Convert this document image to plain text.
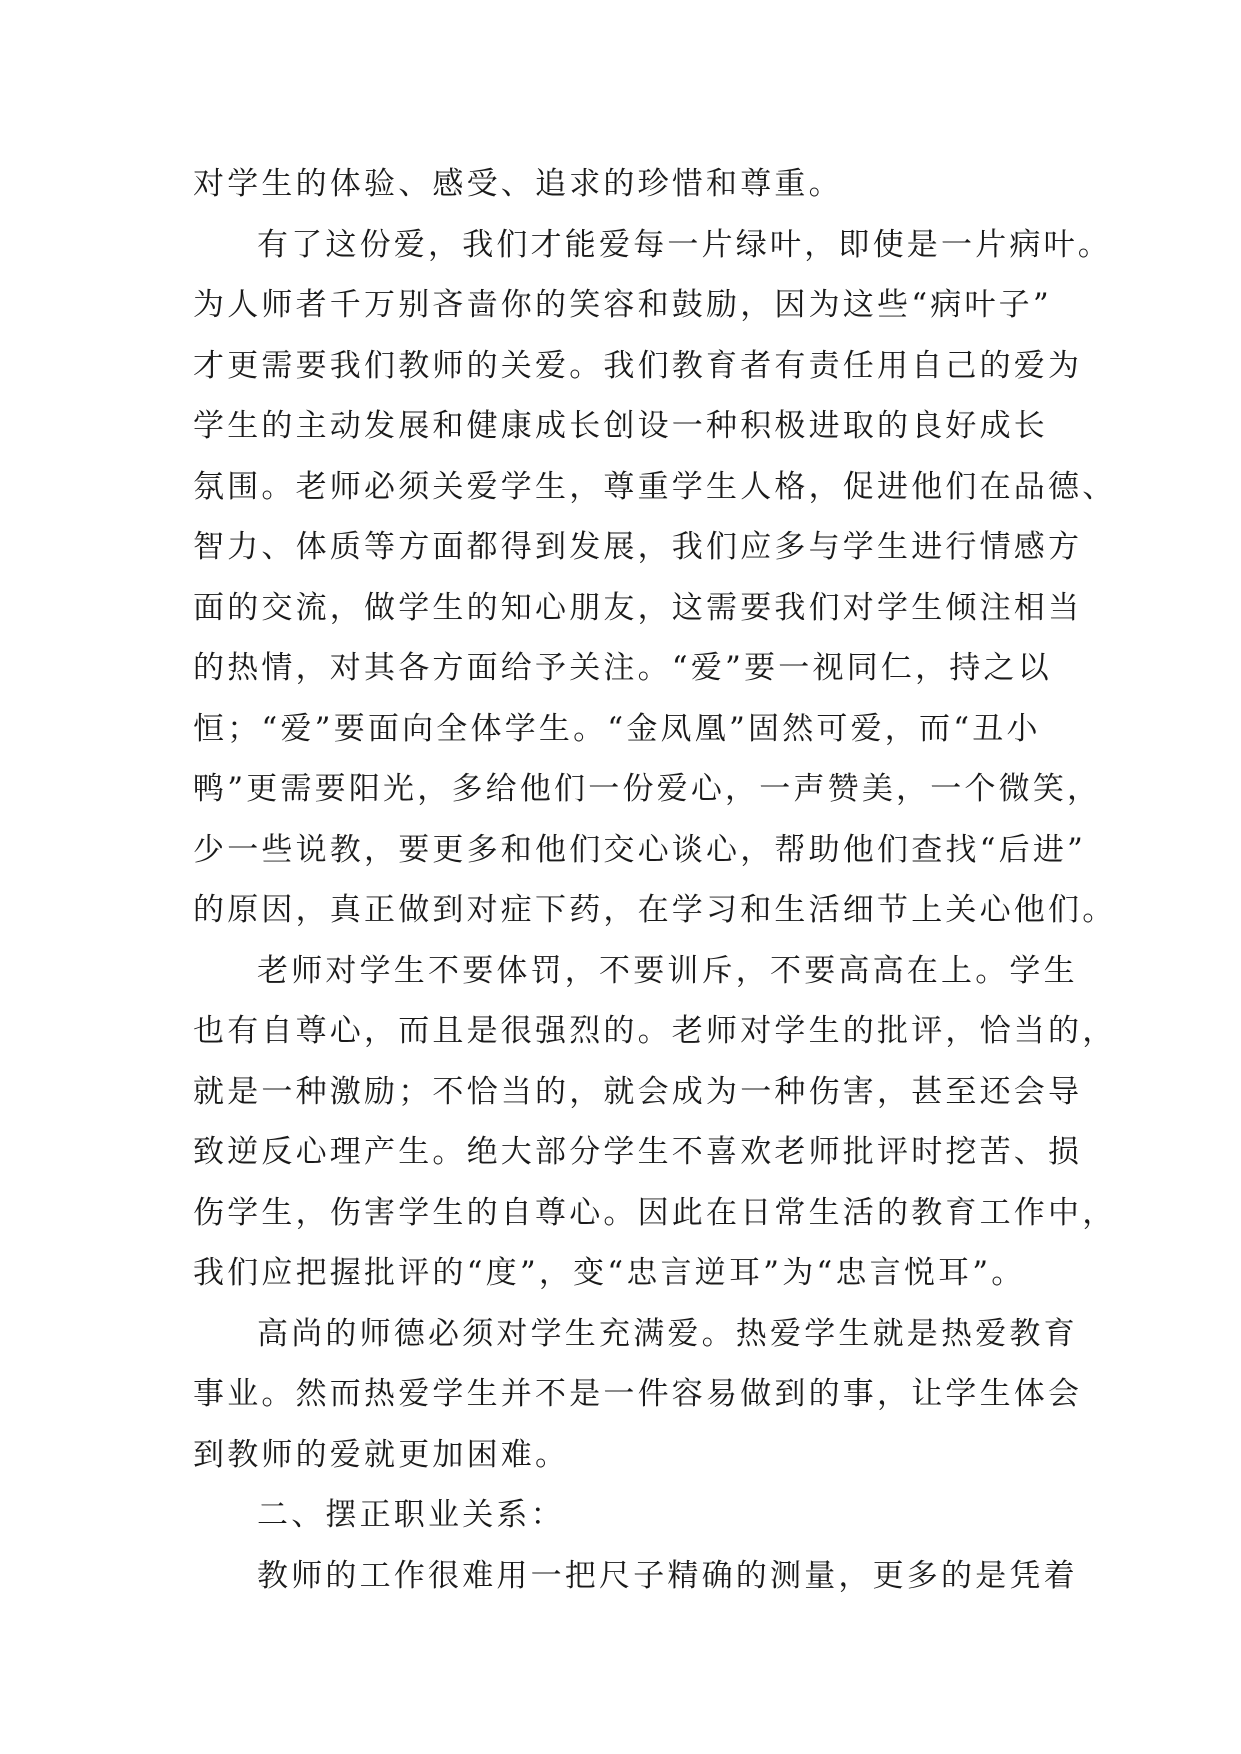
对学生的体验、感受、追求的珍惜和尊重。
有了这份爱，我们才能爱每一片绿叶，即使是一片病叶。
为人师者千万别吝啬你的笑容和鼓励，因为这些“病叶子”
才更需要我们教师的关爱。我们教育者有责任用自己的爱为
学生的主动发展和健康成长创设一种积极进取的良好成长
氛围。老师必须关爱学生，尊重学生人格，促进他们在品德、
智力、体质等方面都得到发展，我们应多与学生进行情感方
面的交流，做学生的知心朋友，这需要我们对学生倾注相当
的热情，对其各方面给予关注。“爱”要一视同仁，持之以
恒；“爱”要面向全体学生。“金凤凰”固然可爱，而“丑小
鸭”更需要阳光，多给他们一份爱心，一声赞美，一个微笑，
少一些说教，要更多和他们交心谈心，帮助他们查找“后进”
的原因，真正做到对症下药，在学习和生活细节上关心他们。
老师对学生不要体罚，不要训斥，不要高高在上。学生
也有自尊心，而且是很强烈的。老师对学生的批评，恰当的，
就是一种激励；不恰当的，就会成为一种伤害，甚至还会导
致逆反心理产生。绝大部分学生不喜欢老师批评时挖苦、损
伤学生，伤害学生的自尊心。因此在日常生活的教育工作中，
我们应把握批评的“度”，变“忠言逆耳”为“忠言悦耳”。
高尚的师德必须对学生充满爱。热爱学生就是热爱教育
事业。然而热爱学生并不是一件容易做到的事，让学生体会
到教师的爱就更加困难。
二、摆正职业关系：
教师的工作很难用一把尺子精确的测量，更多的是凭着
